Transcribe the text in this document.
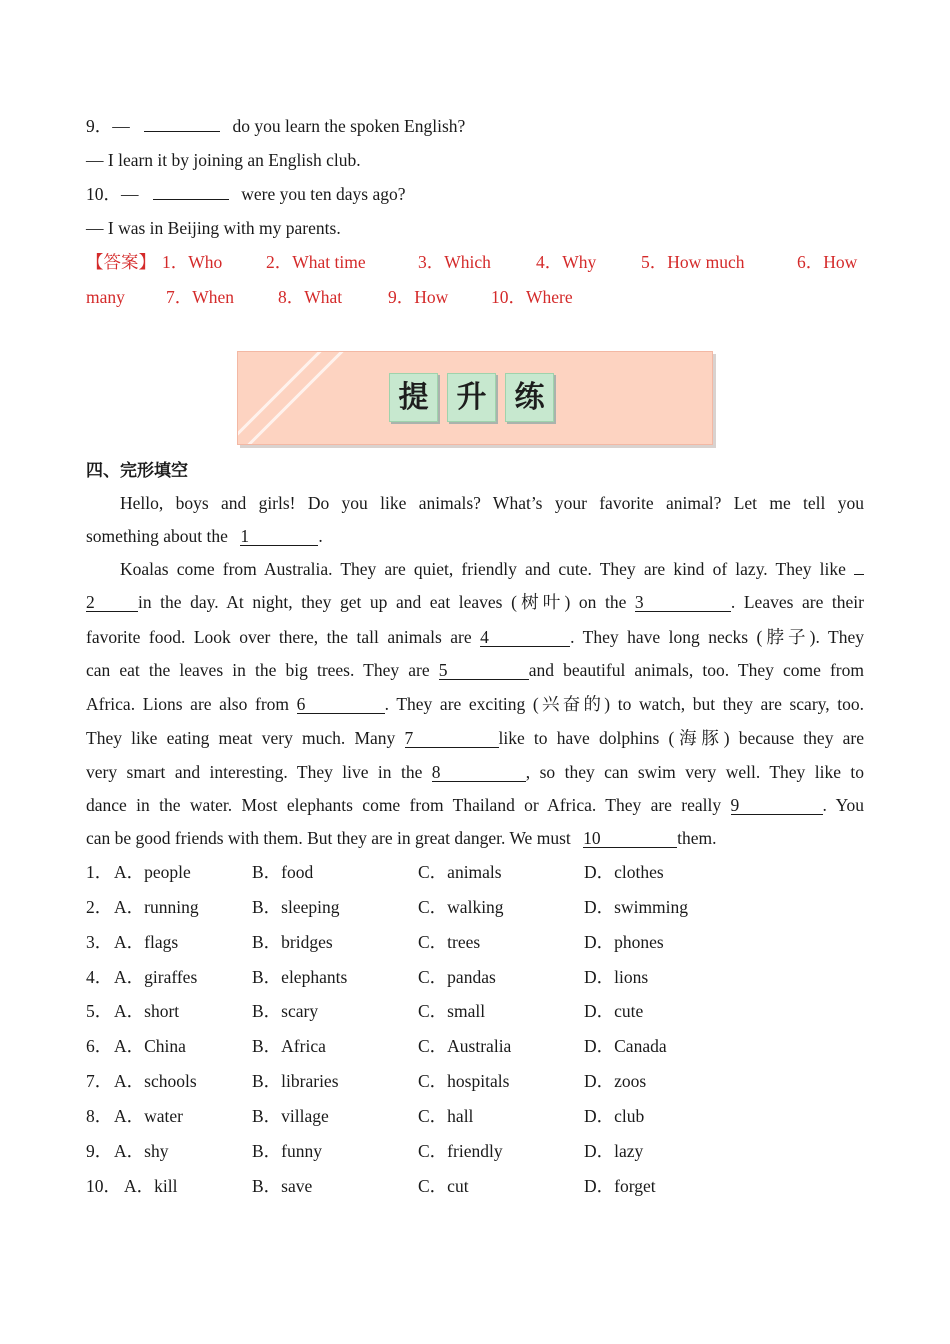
9．—	do you learn the spoken English?
— I learn it by joining an English club.
10．—	were you ten days ago?
— I was in Beijing with my parents.
【答案】 1．Who 2．What time	3．Which	4．Why	5．How much	6．How
many 7．When	8．What	9．How 10．Where
提 升 练
四、完形填空
Hello, boys and girls! Do you like animals? What’s your favorite animal? Let me tell you
something about the 1	.
Koalas come from Australia. They are quiet, friendly and cute. They are kind of lazy. They like
2 in the day. At night, they get up and eat leaves (树叶) on the 3	. Leaves are their
favorite food. Look over there, the tall animals are 4	. They have long necks (脖子). They
can eat the leaves in the big trees. They are 5	and beautiful animals, too. They come from
Africa. Lions are also from 6	. They are exciting (兴奋的) to watch, but they are scary, too.
They like eating meat very much. Many 7	like to have dolphins (海豚) because they are
very smart and interesting. They live in the 8	, so they can swim very well. They like to
dance in the water. Most elephants come from Thailand or Africa. They are really 9	. You
can be good friends with them. But they are in great danger. We must 10	them.
1． A．people	B．food	C．animals	D．clothes
2． A．running	B．sleeping	C．walking	D．swimming
3． A．flags	B．bridges	C．trees	D．phones
4． A．giraffes	B．elephants	C．pandas	D．lions
5． A．short	B．scary	C．small	D．cute
6． A．China	B．Africa	C．Australia	D．Canada
7． A．schools	B．libraries	C．hospitals	D．zoos
8． A．water	B．village	C．hall	D．club
9． A．shy	B．funny	C．friendly	D．lazy
10． A．kill	B．save	C．cut	D．forget
